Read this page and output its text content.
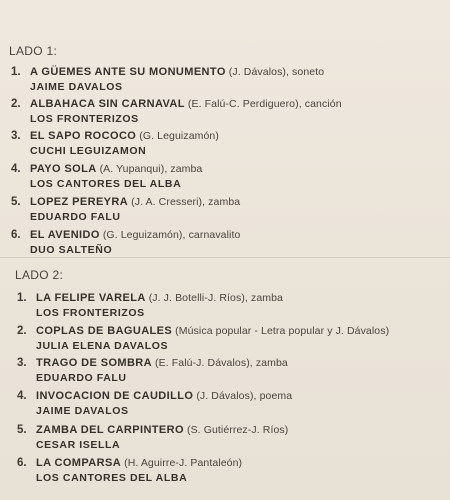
LADO 1:
1. A GÜEMES ANTE SU MONUMENTO (J. Dávalos), soneto
JAIME DAVALOS
2. ALBAHACA SIN CARNAVAL (E. Falú-C. Perdiguero), canción
LOS FRONTERIZOS
3. EL SAPO ROCOCO (G. Leguizamón)
CUCHI LEGUIZAMON
4. PAYO SOLA (A. Yupanqui), zamba
LOS CANTORES DEL ALBA
5. LOPEZ PEREYRA (J. A. Cresseri), zamba
EDUARDO FALU
6. EL AVENIDO (G. Leguizamón), carnavalito
DUO SALTEÑO
LADO 2:
1. LA FELIPE VARELA (J. J. Botelli-J. Ríos), zamba
LOS FRONTERIZOS
2. COPLAS DE BAGUALES (Música popular - Letra popular y J. Dávalos)
JULIA ELENA DAVALOS
3. TRAGO DE SOMBRA (E. Falú-J. Dávalos), zamba
EDUARDO FALU
4. INVOCACION DE CAUDILLO (J. Dávalos), poema
JAIME DAVALOS
5. ZAMBA DEL CARPINTERO (S. Gutiérrez-J. Ríos)
CESAR ISELLA
6. LA COMPARSA (H. Aguirre-J. Pantaleón)
LOS CANTORES DEL ALBA
